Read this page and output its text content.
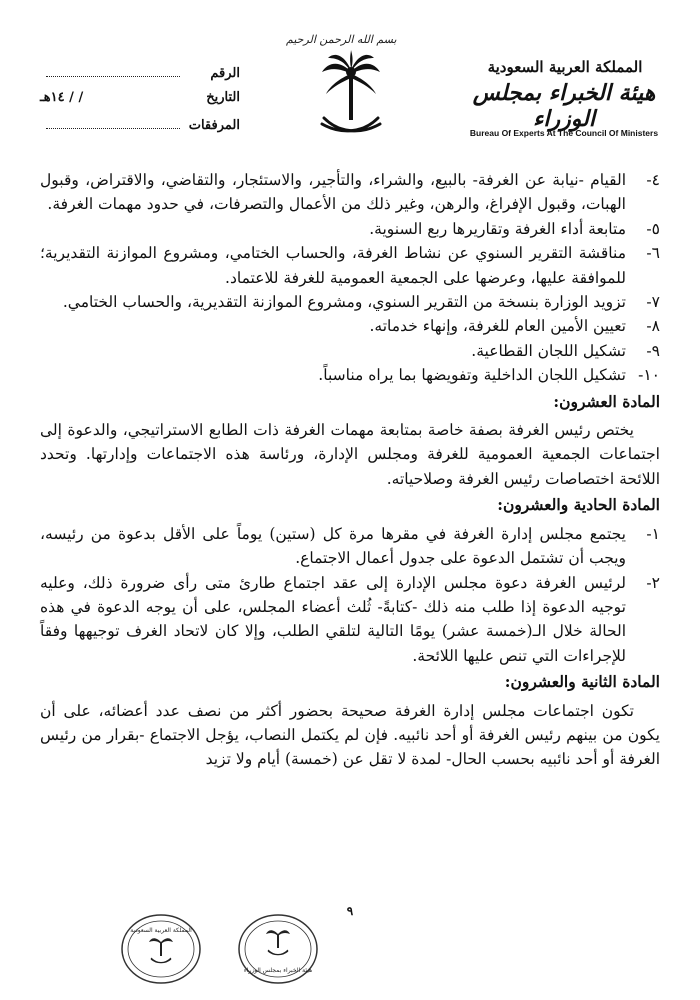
بسم الله الرحمن الرحيم
الرقم
التاريخ
/ / ١٤هـ
المرفقات
المملكة العربية السعودية
هيئة الخبراء بمجلس الوزراء
Bureau Of Experts At The Council Of Ministers
٤-
القيام -نيابة عن الغرفة- بالبيع، والشراء، والتأجير، والاستئجار، والتقاضي، والاقتراض، وقبول الهبات، وقبول الإفراغ، والرهن، وغير ذلك من الأعمال والتصرفات، في حدود مهمات الغرفة.
٥-
متابعة أداء الغرفة وتقاريرها ربع السنوية.
٦-
مناقشة التقرير السنوي عن نشاط الغرفة، والحساب الختامي، ومشروع الموازنة التقديرية؛ للموافقة عليها، وعرضها على الجمعية العمومية للغرفة للاعتماد.
٧-
تزويد الوزارة بنسخة من التقرير السنوي، ومشروع الموازنة التقديرية، والحساب الختامي.
٨-
تعيين الأمين العام للغرفة، وإنهاء خدماته.
٩-
تشكيل اللجان القطاعية.
١٠-
تشكيل اللجان الداخلية وتفويضها بما يراه مناسباً.

المادة العشرون:

يختص رئيس الغرفة بصفة خاصة بمتابعة مهمات الغرفة ذات الطابع الاستراتيجي، والدعوة إلى اجتماعات الجمعية العمومية للغرفة ومجلس الإدارة، ورئاسة هذه الاجتماعات وإدارتها. وتحدد اللائحة اختصاصات رئيس الغرفة وصلاحياته.

المادة الحادية والعشرون:

١-
يجتمع مجلس إدارة الغرفة في مقرها مرة كل (ستين) يوماً على الأقل بدعوة من رئيسه، ويجب أن تشتمل الدعوة على جدول أعمال الاجتماع.
٢-
لرئيس الغرفة دعوة مجلس الإدارة إلى عقد اجتماع طارئ متى رأى ضرورة ذلك، وعليه توجيه الدعوة إذا طلب منه ذلك -كتابةً- ثُلث أعضاء المجلس، على أن يوجه الدعوة في هذه الحالة خلال الـ(خمسة عشر) يومًا التالية لتلقي الطلب، وإلا كان لاتحاد الغرف توجيهها وفقاً للإجراءات التي تنص عليها اللائحة.

المادة الثانية والعشرون:

تكون اجتماعات مجلس إدارة الغرفة صحيحة بحضور أكثر من نصف عدد أعضائه، على أن يكون من بينهم رئيس الغرفة أو أحد نائبيه. فإن لم يكتمل النصاب، يؤجل الاجتماع -بقرار من رئيس الغرفة أو أحد نائبيه بحسب الحال- لمدة لا تقل عن (خمسة) أيام ولا تزيد

٩
المملكة العربية السعودية
هيئة الخبراء بمجلس الوزراء
